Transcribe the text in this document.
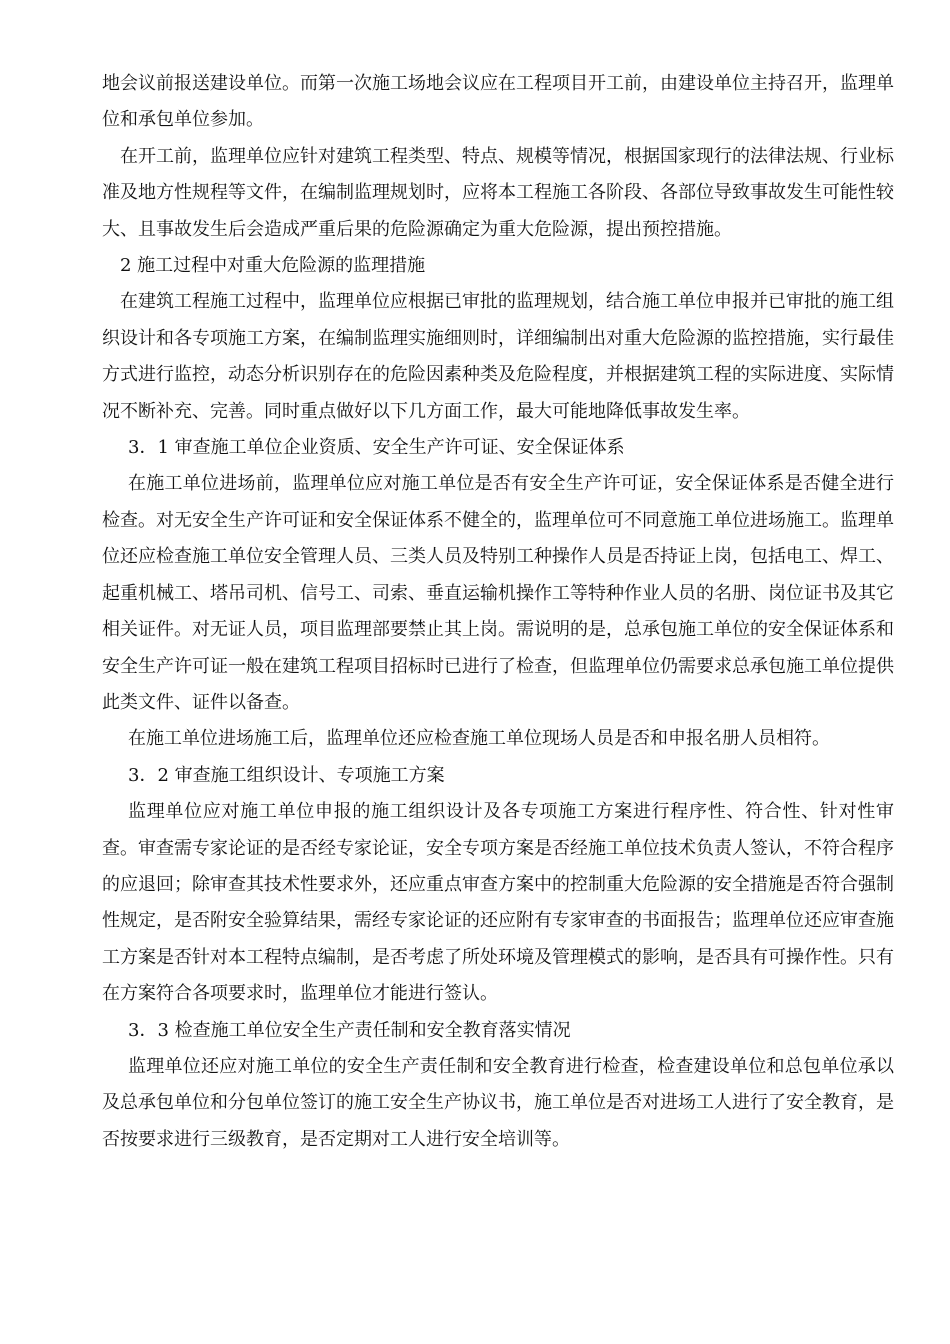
地会议前报送建设单位。而第一次施工场地会议应在工程项目开工前，由建设单位主持召开，监理单位和承包单位参加。

在开工前，监理单位应针对建筑工程类型、特点、规模等情况，根据国家现行的法律法规、行业标准及地方性规程等文件，在编制监理规划时，应将本工程施工各阶段、各部位导致事故发生可能性较大、且事故发生后会造成严重后果的危险源确定为重大危险源，提出预控措施。

2 施工过程中对重大危险源的监理措施

在建筑工程施工过程中，监理单位应根据已审批的监理规划，结合施工单位申报并已审批的施工组织设计和各专项施工方案，在编制监理实施细则时，详细编制出对重大危险源的监控措施，实行最佳方式进行监控，动态分析识别存在的危险因素种类及危险程度，并根据建筑工程的实际进度、实际情况不断补充、完善。同时重点做好以下几方面工作，最大可能地降低事故发生率。

3．1 审查施工单位企业资质、安全生产许可证、安全保证体系

在施工单位进场前，监理单位应对施工单位是否有安全生产许可证，安全保证体系是否健全进行检查。对无安全生产许可证和安全保证体系不健全的，监理单位可不同意施工单位进场施工。监理单位还应检查施工单位安全管理人员、三类人员及特别工种操作人员是否持证上岗，包括电工、焊工、起重机械工、塔吊司机、信号工、司索、垂直运输机操作工等特种作业人员的名册、岗位证书及其它相关证件。对无证人员，项目监理部要禁止其上岗。需说明的是，总承包施工单位的安全保证体系和安全生产许可证一般在建筑工程项目招标时已进行了检查，但监理单位仍需要求总承包施工单位提供此类文件、证件以备查。

在施工单位进场施工后，监理单位还应检查施工单位现场人员是否和申报名册人员相符。

3．2 审查施工组织设计、专项施工方案

监理单位应对施工单位申报的施工组织设计及各专项施工方案进行程序性、符合性、针对性审查。审查需专家论证的是否经专家论证，安全专项方案是否经施工单位技术负责人签认，不符合程序的应退回；除审查其技术性要求外，还应重点审查方案中的控制重大危险源的安全措施是否符合强制性规定，是否附安全验算结果，需经专家论证的还应附有专家审查的书面报告；监理单位还应审查施工方案是否针对本工程特点编制，是否考虑了所处环境及管理模式的影响，是否具有可操作性。只有在方案符合各项要求时，监理单位才能进行签认。

3．3 检查施工单位安全生产责任制和安全教育落实情况

监理单位还应对施工单位的安全生产责任制和安全教育进行检查，检查建设单位和总包单位承以及总承包单位和分包单位签订的施工安全生产协议书，施工单位是否对进场工人进行了安全教育，是否按要求进行三级教育，是否定期对工人进行安全培训等。
